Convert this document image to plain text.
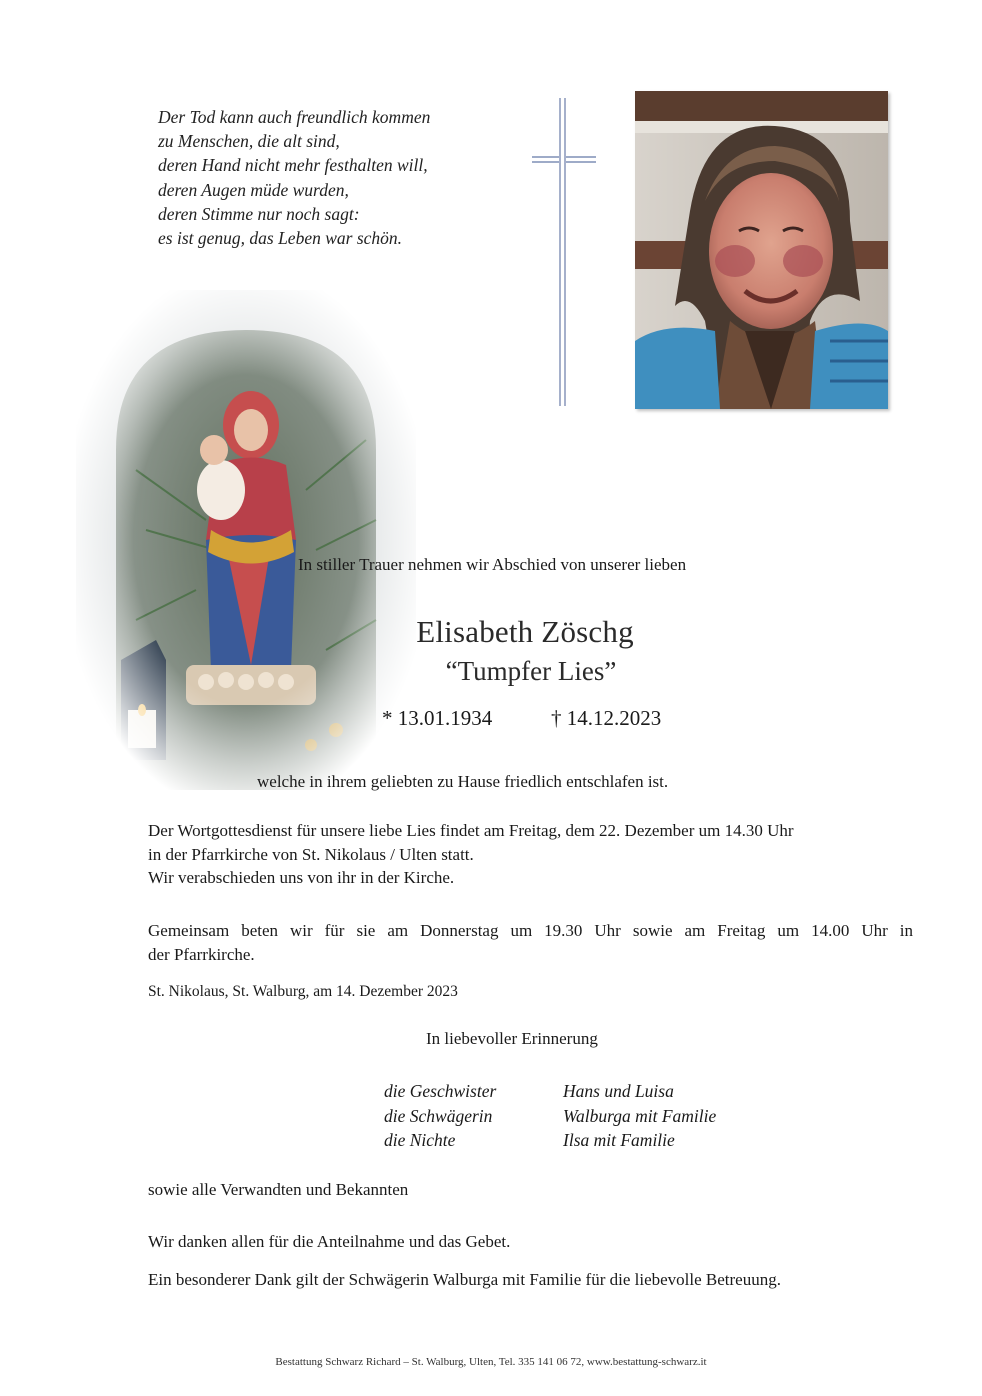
Der Tod kann auch freundlich kommen
zu Menschen, die alt sind,
deren Hand nicht mehr festhalten will,
deren Augen müde wurden,
deren Stimme nur noch sagt:
es ist genug, das Leben war schön.
In stiller Trauer nehmen wir Abschied von unserer lieben
Elisabeth Zöschg
“Tumpfer Lies”
* 13.01.1934	† 14.12.2023
welche in ihrem geliebten zu Hause friedlich entschlafen ist.
Der Wortgottesdienst für unsere liebe Lies findet am Freitag, dem 22. Dezember um 14.30 Uhr
in der Pfarrkirche von St. Nikolaus / Ulten statt.
Wir verabschieden uns von ihr in der Kirche.
Gemeinsam beten wir für sie am Donnerstag um 19.30 Uhr sowie am Freitag um 14.00 Uhr in
der Pfarrkirche.
St. Nikolaus, St. Walburg, am 14. Dezember 2023
In liebevoller Erinnerung
die Geschwister
die Schwägerin
die Nichte
Hans und Luisa
Walburga mit Familie
Ilsa mit Familie
sowie alle Verwandten und Bekannten
Wir danken allen für die Anteilnahme und das Gebet.
Ein besonderer Dank gilt der Schwägerin Walburga mit Familie für die liebevolle Betreuung.
Bestattung Schwarz Richard – St. Walburg, Ulten, Tel. 335 141 06 72, www.bestattung-schwarz.it
